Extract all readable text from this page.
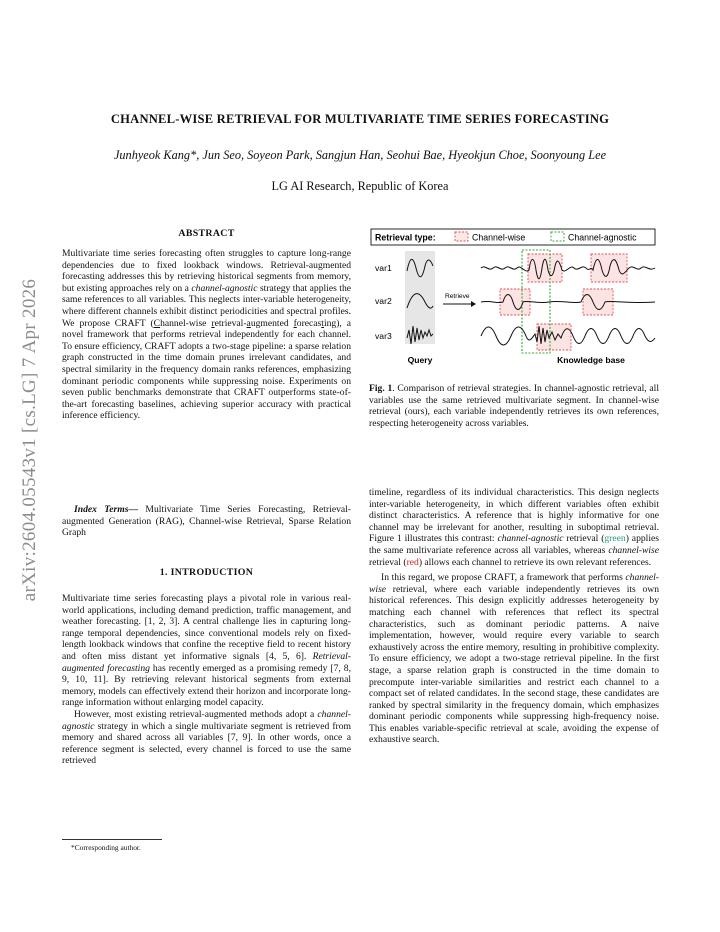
arXiv:2604.05543v1 [cs.LG] 7 Apr 2026
CHANNEL-WISE RETRIEVAL FOR MULTIVARIATE TIME SERIES FORECASTING
Junhyeok Kang*, Jun Seo, Soyeon Park, Sangjun Han, Seohui Bae, Hyeokjun Choe, Soonyoung Lee
LG AI Research, Republic of Korea
ABSTRACT

Multivariate time series forecasting often struggles to capture long-range dependencies due to fixed lookback windows. Retrieval-augmented forecasting addresses this by retrieving historical segments from memory, but existing approaches rely on a channel-agnostic strategy that applies the same references to all variables. This neglects inter-variable heterogeneity, where different channels exhibit distinct periodicities and spectral profiles. We propose CRAFT (Channel-wise retrieval-augmented forecasting), a novel framework that performs retrieval independently for each channel. To ensure efficiency, CRAFT adopts a two-stage pipeline: a sparse relation graph constructed in the time domain prunes irrelevant candidates, and spectral similarity in the frequency domain ranks references, emphasizing dominant periodic components while suppressing noise. Experiments on seven public benchmarks demonstrate that CRAFT outperforms state-of-the-art forecasting baselines, achieving superior accuracy with practical inference efficiency.

Index Terms— Multivariate Time Series Forecasting, Retrieval-augmented Generation (RAG), Channel-wise Retrieval, Sparse Relation Graph

1. INTRODUCTION

Multivariate time series forecasting plays a pivotal role in various real-world applications, including demand prediction, traffic management, and weather forecasting. [1, 2, 3]. A central challenge lies in capturing long-range temporal dependencies, since conventional models rely on fixed-length lookback windows that confine the receptive field to recent history and often miss distant yet informative signals [4, 5, 6]. Retrieval-augmented forecasting has recently emerged as a promising remedy [7, 8, 9, 10, 11]. By retrieving relevant historical segments from external memory, models can effectively extend their horizon and incorporate long-range information without enlarging model capacity.

However, most existing retrieval-augmented methods adopt a channel-agnostic strategy in which a single multivariate segment is retrieved from memory and shared across all variables [7, 9]. In other words, once a reference segment is selected, every channel is forced to use the same retrieved

*Corresponding author.
Retrieval type:	Channel-wise	Channel-agnostic
var1
var2
var3
Retrieve
Query	Knowledge base

Fig. 1. Comparison of retrieval strategies. In channel-agnostic retrieval, all variables use the same retrieved multivariate segment. In channel-wise retrieval (ours), each variable independently retrieves its own references, respecting heterogeneity across variables.

timeline, regardless of its individual characteristics. This design neglects inter-variable heterogeneity, in which different variables often exhibit distinct characteristics. A reference that is highly informative for one channel may be irrelevant for another, resulting in suboptimal retrieval. Figure 1 illustrates this contrast: channel-agnostic retrieval (green) applies the same multivariate reference across all variables, whereas channel-wise retrieval (red) allows each channel to retrieve its own relevant references.

In this regard, we propose CRAFT, a framework that performs channel-wise retrieval, where each variable independently retrieves its own historical references. This design explicitly addresses heterogeneity by matching each channel with references that reflect its spectral characteristics, such as dominant periodic patterns. A naive implementation, however, would require every variable to search exhaustively across the entire memory, resulting in prohibitive complexity. To ensure efficiency, we adopt a two-stage retrieval pipeline. In the first stage, a sparse relation graph is constructed in the time domain to precompute inter-variable similarities and restrict each channel to a compact set of related candidates. In the second stage, these candidates are ranked by spectral similarity in the frequency domain, which emphasizes dominant periodic components while suppressing high-frequency noise. This enables variable-specific retrieval at scale, avoiding the expense of exhaustive search.
